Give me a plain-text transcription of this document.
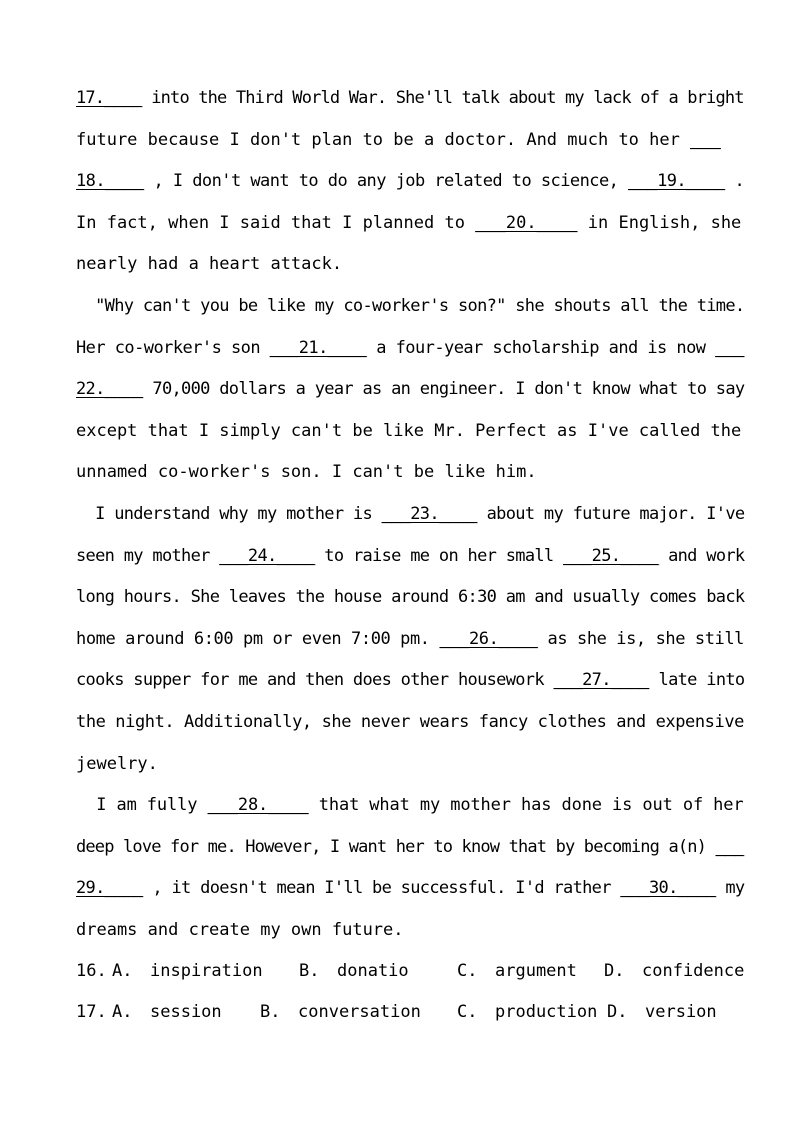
17.____ into the Third World War. She'll talk about my lack of a bright
future because I don't plan to be a doctor. And much to her ___
18.____ , I don't want to do any job related to science, ___19.____ .
In fact, when I said that I planned to ___20.____ in English, she
nearly had a heart attack.
"Why can't you be like my co-worker's son?" she shouts all the time.
Her co-worker's son ___21.____ a four-year scholarship and is now ___
22.____ 70,000 dollars a year as an engineer. I don't know what to say
except that I simply can't be like Mr. Perfect as I've called the
unnamed co-worker's son. I can't be like him.
I understand why my mother is ___23.____ about my future major. I've
seen my mother ___24.____ to raise me on her small ___25.____ and work
long hours. She leaves the house around 6:30 am and usually comes back
home around 6:00 pm or even 7:00 pm. ___26.____ as she is, she still
cooks supper for me and then does other housework ___27.____ late into
the night. Additionally, she never wears fancy clothes and expensive
jewelry.
I am fully ___28.____ that what my mother has done is out of her
deep love for me. However, I want her to know that by becoming a(n) ___
29.____ , it doesn't mean I'll be successful. I'd rather ___30.____ my
dreams and create my own future.
16. A. inspiration B. donatio	C. argument D. confidence
17. A. session B. conversation C. production D. version
